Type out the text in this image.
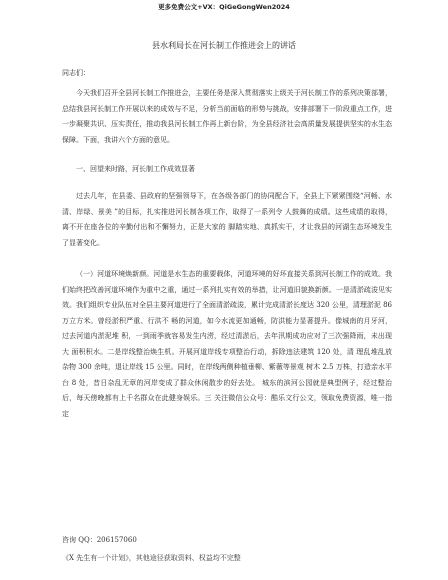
更多免费公文+VX：QiGeGongWen2024
县水利局长在河长制工作推进会上的讲话
同志们：
今天我们召开全县河长制工作推进会，主要任务是深入贯彻落实上级关于河长制工作的系列决策部署，总结我县河长制工作开展以来的成效与不足，分析当前面临的形势与挑战，安排部署下一阶段重点工作，进一步凝聚共识、压实责任，推动我县河长制工作再上新台阶，为全县经济社会高质量发展提供坚实的水生态保障。下面，我讲六个方面的意见。
一、回望来时路，河长制工作成效显著
过去几年，在县委、县政府的坚强领导下，在各级各部门的协同配合下，全县上下紧紧围绕“河畅、水清、岸绿、景美 ”的目标，扎实推进河长制各项工作，取得了一系列令 人鼓舞的成绩。这些成绩的取得，离不开在座各位的辛勤付出和不懈努力，正是大家的 脚踏实地、真抓实干，才让我县的河湖生态环境发生了显著变化。
（一）河道环境焕新颜。河道是水生态的重要载体，河道环境的好坏直接关系到河长制工作的成效。我们始终把改善河道环境作为重中之重，通过一系列扎实有效的举措，让河道旧貌换新颜。一是清淤疏浚见实效。我们组织专业队伍对全县主要河道进行了全面清淤疏浚，累计完成清淤长度达 320 公里，清理淤泥 86 万立方米。曾经淤积严重、行洪不 畅的河道，如今水流更加通畅，防洪能力显著提升。像城南的月牙河，过去河道内淤泥堆 积，一到雨季就容易发生内涝，经过清淤后，去年汛期成功应对了三次强降雨，未出现大 面积积水。二是岸线整治焕生机。开展河道岸线专项整治行动，拆除违法建筑 120 处，清 理乱堆乱放杂物 300 余吨，退让岸线 15 公里。同时，在岸线两侧种植垂柳、紫薇等景观 树木 2.5 万株，打造亲水平台 8 处，昔日杂乱无章的河岸变成了群众休闲散步的好去处。 城东的滨河公园就是典型例子，经过整治后，每天傍晚都有上千名群众在此健身娱乐。三 关注微信公众号：酷乐文行公文，领取免费资源，唯一指定
咨询 QQ：206157060
《X 先生有一个计划》，其他途径获取资料、权益均不完整
